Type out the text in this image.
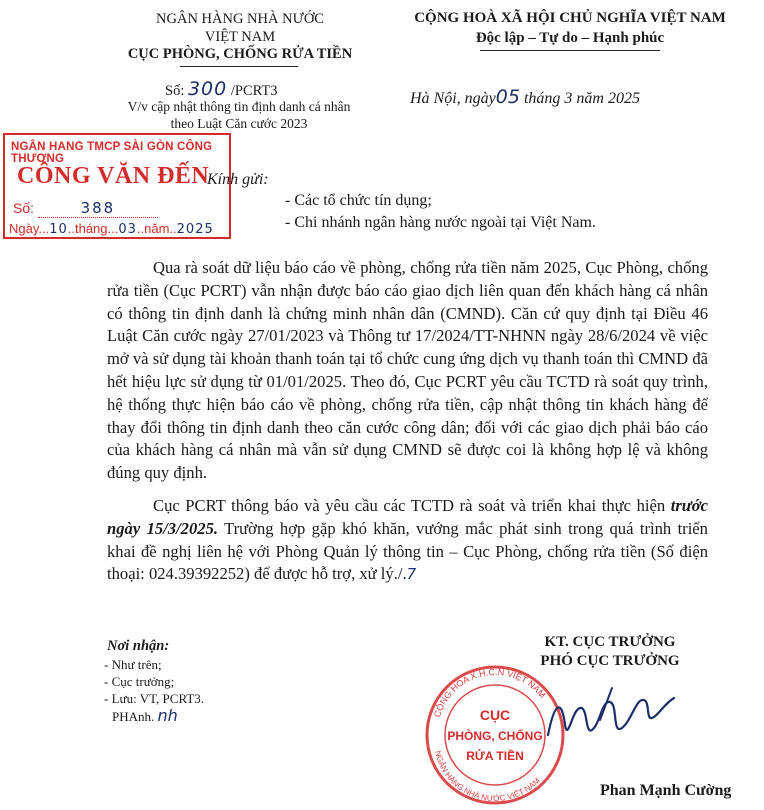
NGÂN HÀNG NHÀ NƯỚC
VIỆT NAM
CỤC PHÒNG, CHỐNG RỬA TIỀN
Số: 300 /PCRT3
V/v cập nhật thông tin định danh cá nhân
theo Luật Căn cước 2023
CỘNG HOÀ XÃ HỘI CHỦ NGHĨA VIỆT NAM
Độc lập – Tự do – Hạnh phúc
Hà Nội, ngày05 tháng 3 năm 2025
NGÂN HANG TMCP SÀI GÒN CÔNG THƯƠNG
CÔNG VĂN ĐẾN
Số:	388
Ngày...10..tháng...03..năm..2025
Kính gửi:
- Các tổ chức tín dụng;
- Chi nhánh ngân hàng nước ngoài tại Việt Nam.

Qua rà soát dữ liệu báo cáo về phòng, chống rửa tiền năm 2025, Cục Phòng, chống rửa tiền (Cục PCRT) vẫn nhận được báo cáo giao dịch liên quan đến khách hàng cá nhân có thông tin định danh là chứng minh nhân dân (CMND). Căn cứ quy định tại Điều 46 Luật Căn cước ngày 27/01/2023 và Thông tư 17/2024/TT-NHNN ngày 28/6/2024 về việc mở và sử dụng tài khoản thanh toán tại tổ chức cung ứng dịch vụ thanh toán thì CMND đã hết hiệu lực sử dụng từ 01/01/2025. Theo đó, Cục PCRT yêu cầu TCTD rà soát quy trình, hệ thống thực hiện báo cáo về phòng, chống rửa tiền, cập nhật thông tin khách hàng để thay đổi thông tin định danh theo căn cước công dân; đối với các giao dịch phải báo cáo của khách hàng cá nhân mà vẫn sử dụng CMND sẽ được coi là không hợp lệ và không đúng quy định.

Cục PCRT thông báo và yêu cầu các TCTD rà soát và triển khai thực hiện trước ngày 15/3/2025. Trường hợp gặp khó khăn, vướng mắc phát sinh trong quá trình triển khai đề nghị liên hệ với Phòng Quản lý thông tin – Cục Phòng, chống rửa tiền (Số điện thoại: 024.39392252) để được hỗ trợ, xử lý./.7

Nơi nhận:
- Như trên;
- Cục trưởng;
- Lưu: VT, PCRT3.
PHAnh. nh
KT. CỤC TRƯỞNG
PHÓ CỤC TRƯỞNG
CỘNG HÒA X.H.C.N VIỆT NAM
NGÂN HÀNG NHÀ NƯỚC VIỆT NAM
CỤC
PHÒNG, CHỐNG
RỬA TIỀN
Phan Mạnh Cường
